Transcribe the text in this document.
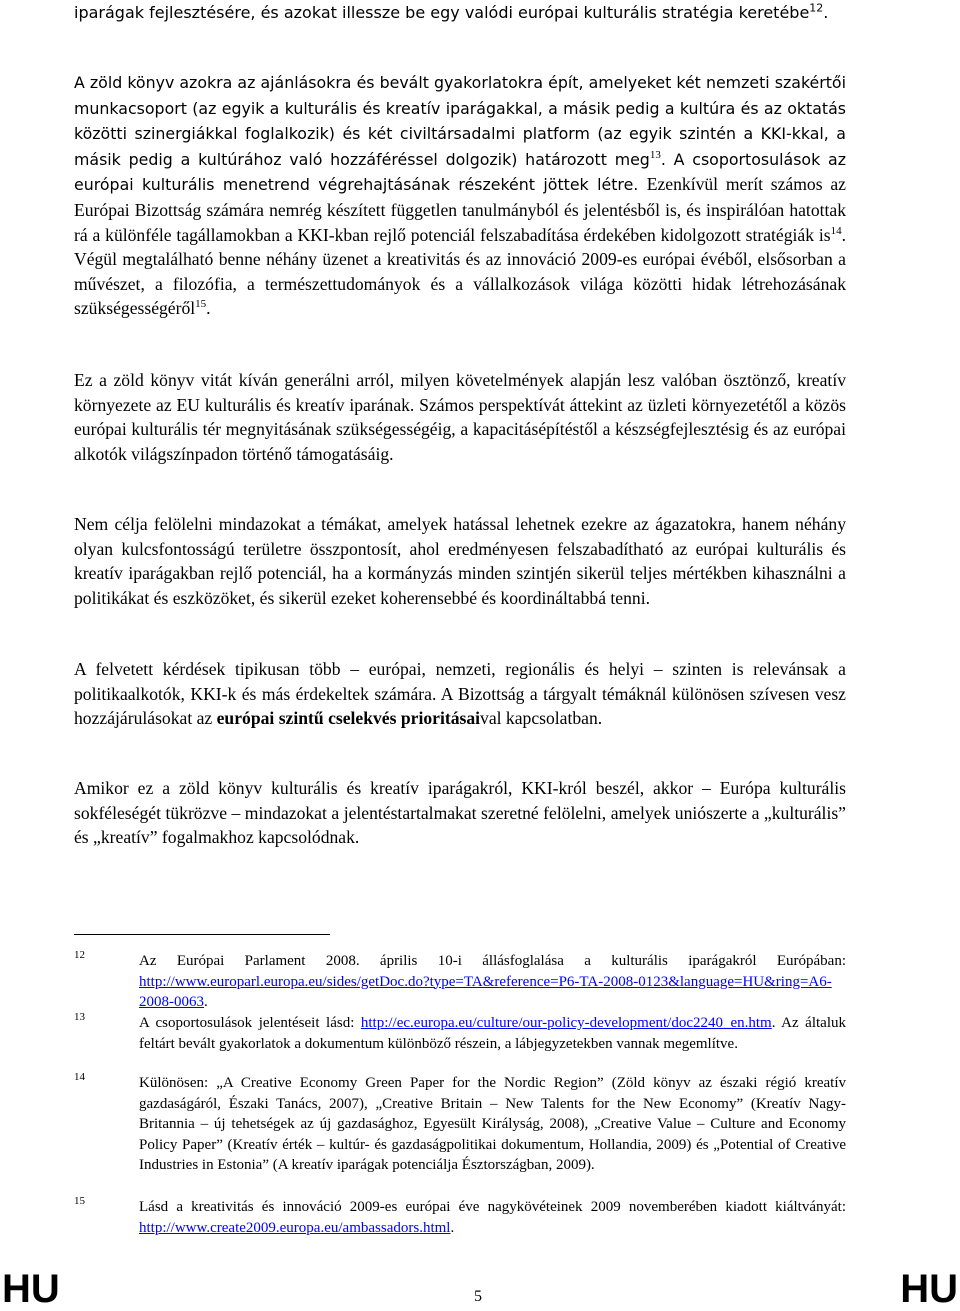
iparágak fejlesztésére, és azokat illessze be egy valódi európai kulturális stratégia keretébe$^{12}$.

A zöld könyv azokra az ajánlásokra és bevált gyakorlatokra épít, amelyeket két nemzeti szakértői munkacsoport (az egyik a kulturális és kreatív iparágakkal, a másik pedig a kultúra és az oktatás közötti szinergiákkal foglalkozik) és két civiltársadalmi platform (az egyik szintén a KKI-kkal, a másik pedig a kultúrához való hozzáféréssel dolgozik) határozott meg$^{13}$. A csoportosulások az európai kulturális menetrend végrehajtásának részeként jöttek létre. Ezenkívül merít számos az Európai Bizottság számára nemrég készített független tanulmányból és jelentésből is, és inspirálóan hatottak rá a különféle tagállamokban a KKI-kban rejlő potenciál felszabadítása érdekében kidolgozott stratégiák $is^{14}$. Végül megtalálható benne néhány üzenet a kreativitás és az innováció 2009-es európai évéből, elsősorban a művészet, a filozófia, a természettudományok és a vállalkozások világa közötti hidak létrehozásának szükségességéről$^{15}$.

Ez a zöld könyv vitát kíván generálni arról, milyen követelmények alapján lesz valóban ösztönző, kreatív környezete az EU kulturális és kreatív iparának. Számos perspektívát áttekint az üzleti környezetétől a közös európai kulturális tér megnyitásának szükségességéig, a kapacitásépítéstől a készségfejlesztésig és az európai alkotók világszínpadon történő támogatásáig.

Nem célja felölelni mindazokat a témákat, amelyek hatással lehetnek ezekre az ágazatokra, hanem néhány olyan kulcsfontosságú területre összpontosít, ahol eredményesen felszabadítható az európai kulturális és kreatív iparágakban rejlő potenciál, ha a kormányzás minden szintjén sikerül teljes mértékben kihasználni a politikákat és eszközöket, és sikerül ezeket koherensebbé és koordináltabbá tenni.

A felvetett kérdések tipikusan több – európai, nemzeti, regionális és helyi – szinten is relevánsak a politikaalkotók, KKI-k és más érdekeltek számára. A Bizottság a tárgyalt témáknál különösen szívesen vesz hozzájárulásokat az európai szintű cselekvés prioritásaival kapcsolatban.

Amikor ez a zöld könyv kulturális és kreatív iparágakról, KKI-król beszél, akkor – Európa kulturális sokféleségét tükrözve – mindazokat a jelentéstartalmakat szeretné felölelni, amelyek uniószerte a „kulturális” és „kreatív” fogalmakhoz kapcsolódnak.

12	Az Európai Parlament 2008. április 10-i állásfoglalása a kulturális iparágakról Európában: http://www.europarl.europa.eu/sides/getDoc.do?type=TA&reference=P6-TA-2008-0123&language=HU&ring=A6-2008-0063.
13	A csoportosulások jelentéseit lásd: http://ec.europa.eu/culture/our-policy-development/doc2240_en.htm. Az általuk feltárt bevált gyakorlatok a dokumentum különböző részein, a lábjegyzetekben vannak megemlítve.
14	Különösen: „A Creative Economy Green Paper for the Nordic Region” (Zöld könyv az északi régió kreatív gazdaságáról, Északi Tanács, 2007), „Creative Britain – New Talents for the New Economy” (Kreatív Nagy-Britannia – új tehetségek az új gazdasághoz, Egyesült Királyság, 2008), „Creative Value – Culture and Economy Policy Paper” (Kreatív érték – kultúr- és gazdaságpolitikai dokumentum, Hollandia, 2009) és „Potential of Creative Industries in Estonia” (A kreatív iparágak potenciálja Észtországban, 2009).
15	Lásd a kreativitás és innováció 2009-es európai éve nagykövéteinek 2009 novemberében kiadott kiáltványát: http://www.create2009.europa.eu/ambassadors.html.
HU	5	HU
